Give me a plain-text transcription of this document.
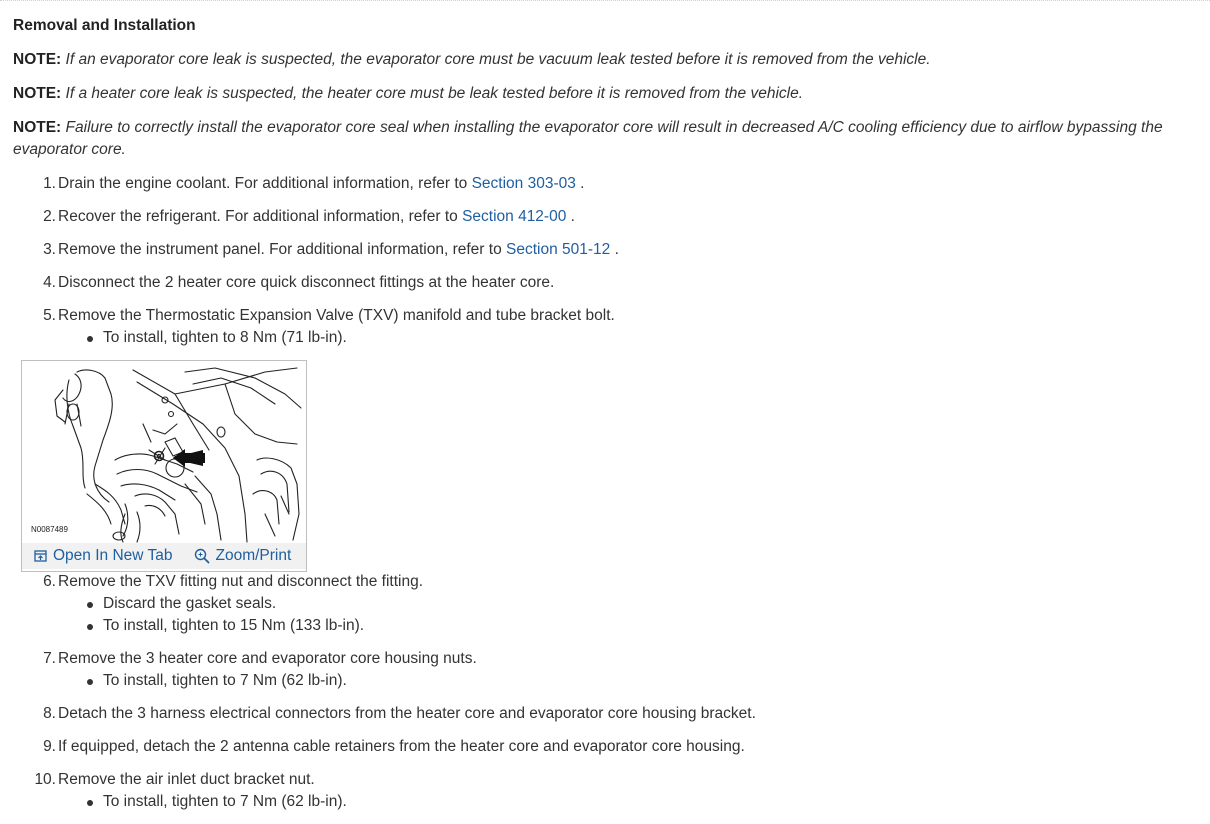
Removal and Installation

NOTE: If an evaporator core leak is suspected, the evaporator core must be vacuum leak tested before it is removed from the vehicle.

NOTE: If a heater core leak is suspected, the heater core must be leak tested before it is removed from the vehicle.

NOTE: Failure to correctly install the evaporator core seal when installing the evaporator core will result in decreased A/C cooling efficiency due to airflow bypassing the evaporator core.

1. Drain the engine coolant. For additional information, refer to Section 303-03 .
2. Recover the refrigerant. For additional information, refer to Section 412-00 .
3. Remove the instrument panel. For additional information, refer to Section 501-12 .
4. Disconnect the 2 heater core quick disconnect fittings at the heater core.
5. Remove the Thermostatic Expansion Valve (TXV) manifold and tube bracket bolt.
To install, tighten to 8 Nm (71 lb-in).
N0087489
Open In New Tab	Zoom/Print
6. Remove the TXV fitting nut and disconnect the fitting.
Discard the gasket seals.
To install, tighten to 15 Nm (133 lb-in).
7. Remove the 3 heater core and evaporator core housing nuts.
To install, tighten to 7 Nm (62 lb-in).
8. Detach the 3 harness electrical connectors from the heater core and evaporator core housing bracket.
9. If equipped, detach the 2 antenna cable retainers from the heater core and evaporator core housing.
10. Remove the air inlet duct bracket nut.
To install, tighten to 7 Nm (62 lb-in).
